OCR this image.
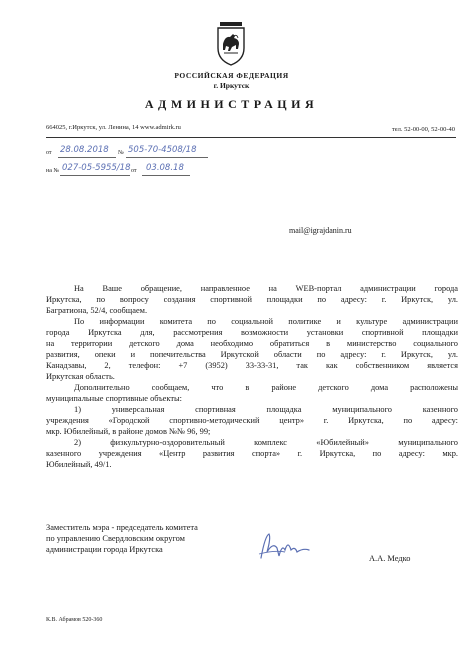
РОССИЙСКАЯ ФЕДЕРАЦИЯ
г. Иркутск
АДМИНИСТРАЦИЯ
664025, г.Иркутск, ул. Ленина, 14 www.admirk.ru	тел. 52-00-00, 52-00-40
от 28.08.2018 № 505-70-4508/18
на № 027-05-5955/18 от 03.08.18
mail@igrajdanin.ru
На Ваше обращение, направленное на WEB-портал администрации города
Иркутска, по вопросу создания спортивной площадки по адресу: г. Иркутск, ул.
Багратиона, 52/4, сообщаем.
По информации комитета по социальной политике и культуре администрации
города Иркутска для, рассмотрения возможности установки спортивной площадки
на территории детского дома необходимо обратиться в министерство социального
развития, опеки и попечительства Иркутской области по адресу: г. Иркутск, ул.
Канадзавы, 2, телефон: +7 (3952) 33-33-31, так как собственником является
Иркутская область.
Дополнительно сообщаем, что в районе детского дома расположены
муниципальные спортивные объекты:
1) универсальная спортивная площадка муниципального казенного
учреждения «Городской спортивно-методический центр» г. Иркутска, по адресу:
мкр. Юбилейный, в районе домов №№ 96, 99;
2) физкультурно-оздоровительный комплекс «Юбилейный» муниципального
казенного учреждения «Центр развития спорта» г. Иркутска, по адресу: мкр.
Юбилейный, 49/1.
Заместитель мэра - председатель комитета
по управлению Свердловским округом
администрации города Иркутска
А.А. Медко
К.В. Абрамов 520-360
